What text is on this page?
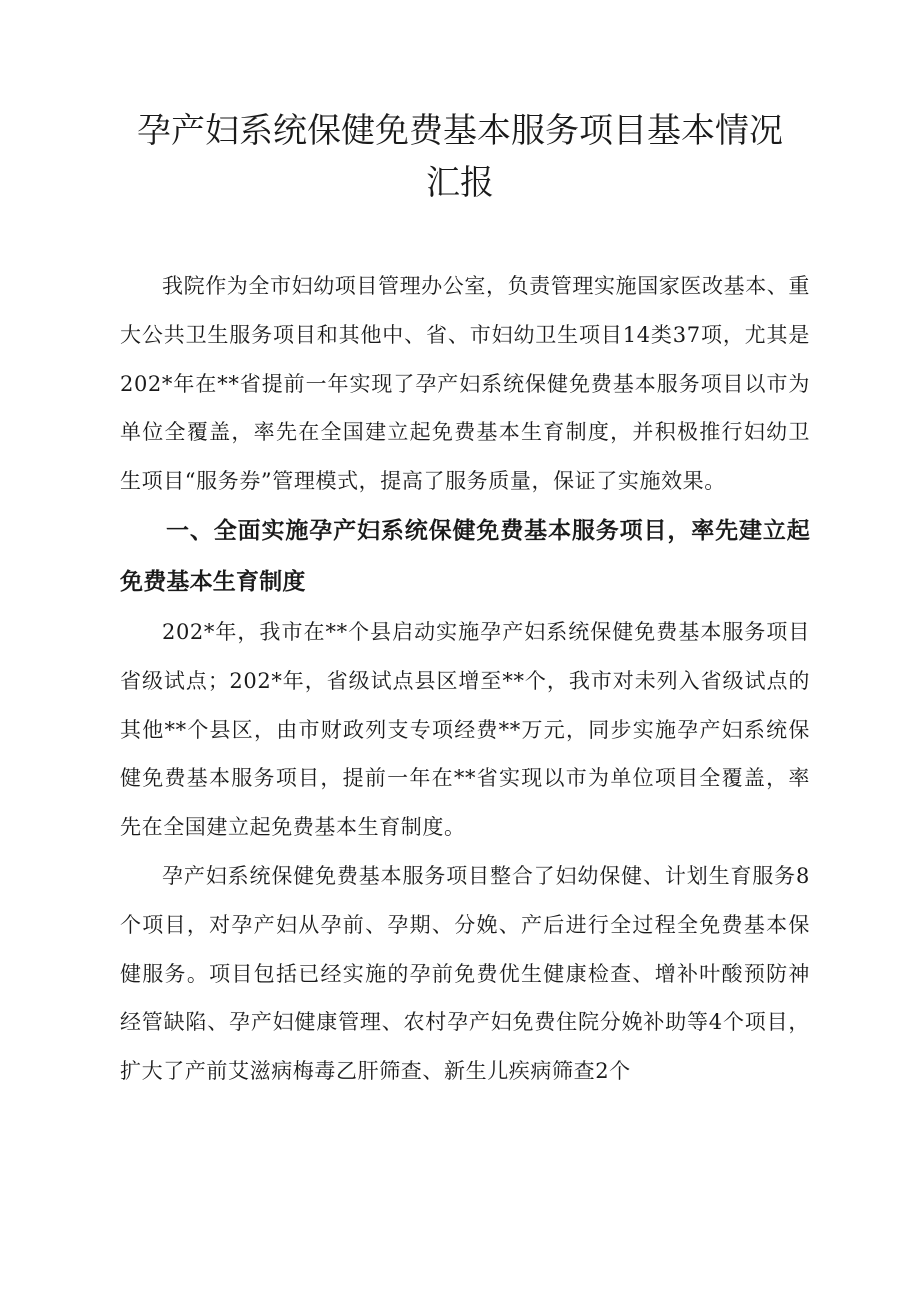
孕产妇系统保健免费基本服务项目基本情况
汇报

我院作为全市妇幼项目管理办公室，负责管理实施国家医改基本、重大公共卫生服务项目和其他中、省、市妇幼卫生项目14类37项，尤其是202*年在**省提前一年实现了孕产妇系统保健免费基本服务项目以市为单位全覆盖，率先在全国建立起免费基本生育制度，并积极推行妇幼卫生项目“服务券”管理模式，提高了服务质量，保证了实施效果。

一、全面实施孕产妇系统保健免费基本服务项目，率先建立起免费基本生育制度

202*年，我市在**个县启动实施孕产妇系统保健免费基本服务项目省级试点；202*年，省级试点县区增至**个，我市对未列入省级试点的其他**个县区，由市财政列支专项经费**万元，同步实施孕产妇系统保健免费基本服务项目，提前一年在**省实现以市为单位项目全覆盖，率先在全国建立起免费基本生育制度。

孕产妇系统保健免费基本服务项目整合了妇幼保健、计划生育服务8个项目，对孕产妇从孕前、孕期、分娩、产后进行全过程全免费基本保健服务。项目包括已经实施的孕前免费优生健康检查、增补叶酸预防神经管缺陷、孕产妇健康管理、农村孕产妇免费住院分娩补助等4个项目，扩大了产前艾滋病梅毒乙肝筛查、新生儿疾病筛查2个
